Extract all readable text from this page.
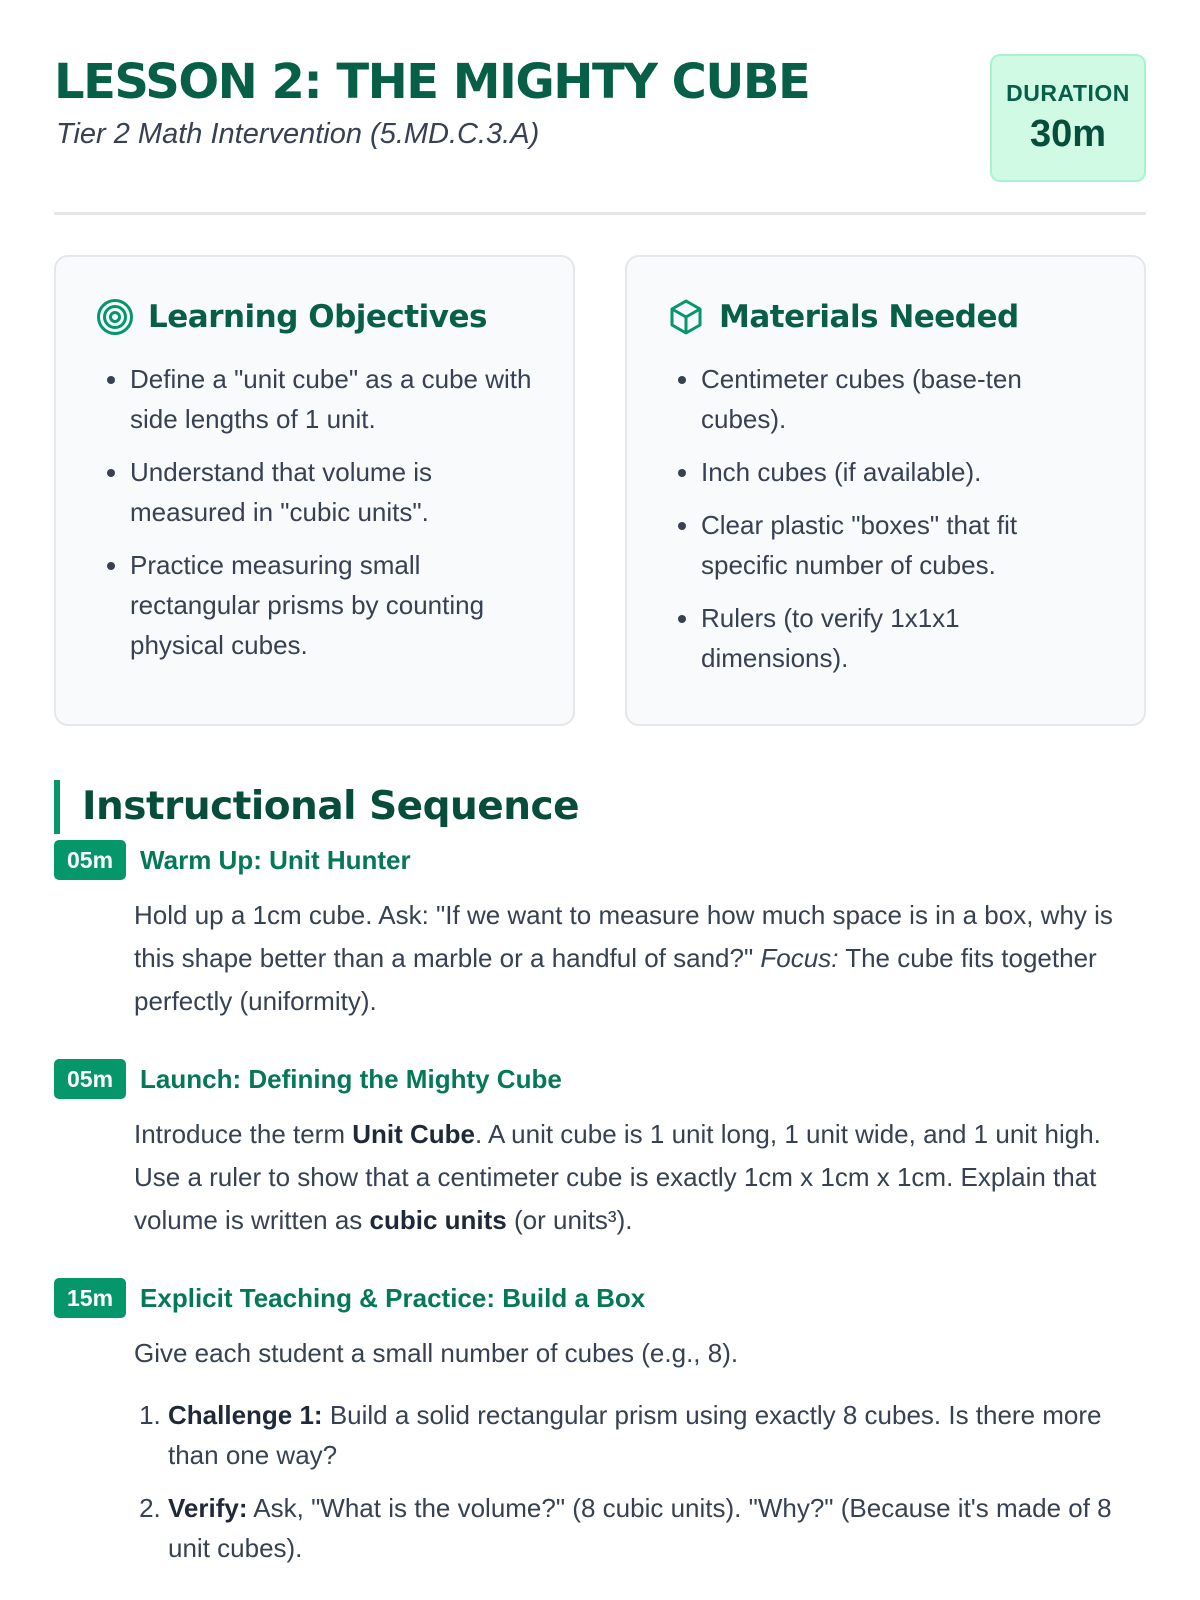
LESSON 2: THE MIGHTY CUBE
Tier 2 Math Intervention (5.MD.C.3.A)
DURATION
30m
Learning Objectives
• Define a "unit cube" as a cube with side lengths of 1 unit.
• Understand that volume is measured in "cubic units".
• Practice measuring small rectangular prisms by counting physical cubes.
Materials Needed
• Centimeter cubes (base-ten cubes).
• Inch cubes (if available).
• Clear plastic "boxes" that fit specific number of cubes.
• Rulers (to verify 1x1x1 dimensions).
Instructional Sequence
05m	Warm Up: Unit Hunter
Hold up a 1cm cube. Ask: "If we want to measure how much space is in a box, why is this shape better than a marble or a handful of sand?" Focus: The cube fits together perfectly (uniformity).
05m	Launch: Defining the Mighty Cube
Introduce the term Unit Cube. A unit cube is 1 unit long, 1 unit wide, and 1 unit high. Use a ruler to show that a centimeter cube is exactly 1cm x 1cm x 1cm. Explain that volume is written as cubic units (or units³).
15m	Explicit Teaching & Practice: Build a Box
Give each student a small number of cubes (e.g., 8).
1. Challenge 1: Build a solid rectangular prism using exactly 8 cubes. Is there more than one way?
2. Verify: Ask, "What is the volume?" (8 cubic units). "Why?" (Because it's made of 8 unit cubes).
